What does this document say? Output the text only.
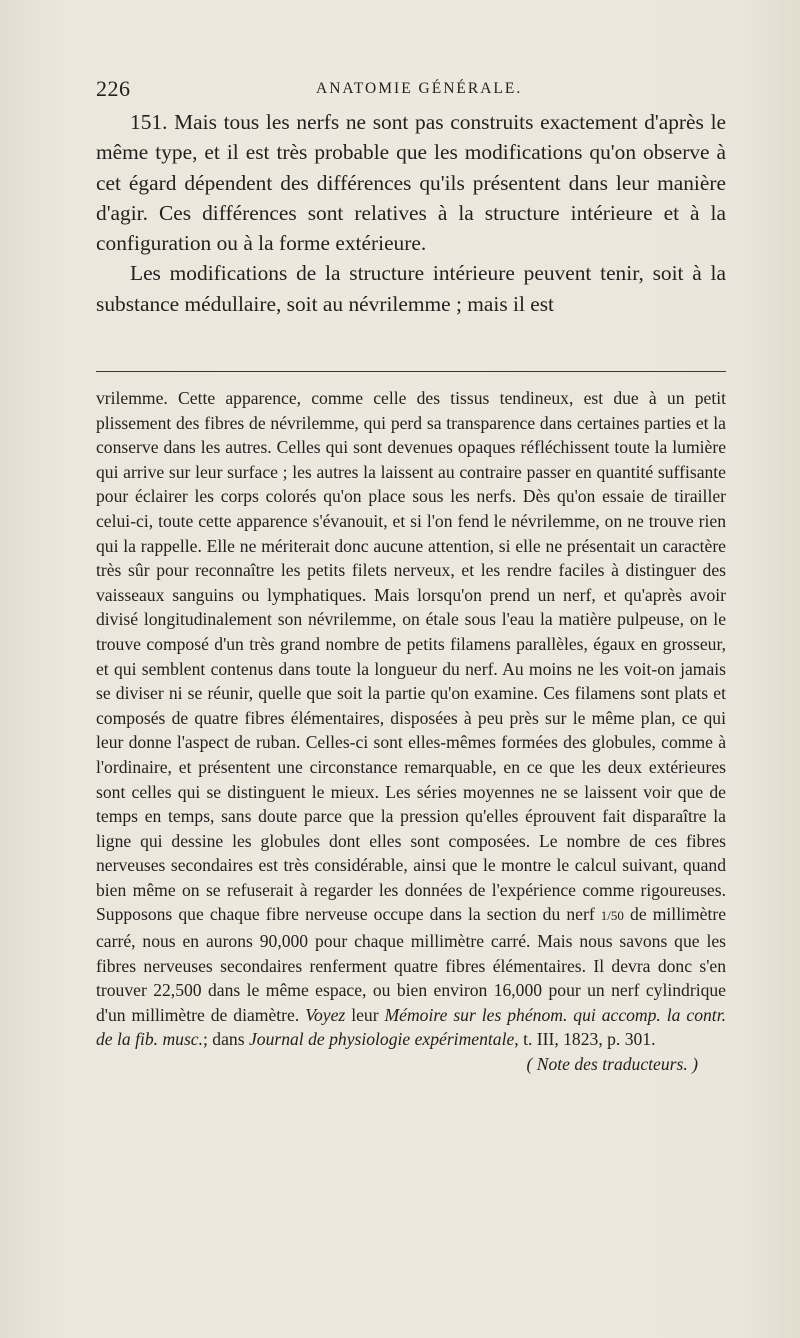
226	ANATOMIE GÉNÉRALE.

151. Mais tous les nerfs ne sont pas construits exactement d'après le même type, et il est très probable que les modifications qu'on observe à cet égard dépendent des différences qu'ils présentent dans leur manière d'agir. Ces différences sont relatives à la structure intérieure et à la configuration ou à la forme extérieure.

Les modifications de la structure intérieure peuvent tenir, soit à la substance médullaire, soit au névrilemme ; mais il est

vrilemme. Cette apparence, comme celle des tissus tendineux, est due à un petit plissement des fibres de névrilemme, qui perd sa transparence dans certaines parties et la conserve dans les autres. Celles qui sont devenues opaques réfléchissent toute la lumière qui arrive sur leur surface ; les autres la laissent au contraire passer en quantité suffisante pour éclairer les corps colorés qu'on place sous les nerfs. Dès qu'on essaie de tirailler celui-ci, toute cette apparence s'évanouit, et si l'on fend le névrilemme, on ne trouve rien qui la rappelle. Elle ne mériterait donc aucune attention, si elle ne présentait un caractère très sûr pour reconnaître les petits filets nerveux, et les rendre faciles à distinguer des vaisseaux sanguins ou lymphatiques. Mais lorsqu'on prend un nerf, et qu'après avoir divisé longitudinalement son névrilemme, on étale sous l'eau la matière pulpeuse, on le trouve composé d'un très grand nombre de petits filamens parallèles, égaux en grosseur, et qui semblent contenus dans toute la longueur du nerf. Au moins ne les voit-on jamais se diviser ni se réunir, quelle que soit la partie qu'on examine. Ces filamens sont plats et composés de quatre fibres élémentaires, disposées à peu près sur le même plan, ce qui leur donne l'aspect de ruban. Celles-ci sont elles-mêmes formées des globules, comme à l'ordinaire, et présentent une circonstance remarquable, en ce que les deux extérieures sont celles qui se distinguent le mieux. Les séries moyennes ne se laissent voir que de temps en temps, sans doute parce que la pression qu'elles éprouvent fait disparaître la ligne qui dessine les globules dont elles sont composées. Le nombre de ces fibres nerveuses secondaires est très considérable, ainsi que le montre le calcul suivant, quand bien même on se refuserait à regarder les données de l'expérience comme rigoureuses. Supposons que chaque fibre nerveuse occupe dans la section du nerf 1/50 de millimètre carré, nous en aurons 90,000 pour chaque millimètre carré. Mais nous savons que les fibres nerveuses secondaires renferment quatre fibres élémentaires. Il devra donc s'en trouver 22,500 dans le même espace, ou bien environ 16,000 pour un nerf cylindrique d'un millimètre de diamètre. Voyez leur Mémoire sur les phénom. qui accomp. la contr. de la fib. musc.; dans Journal de physiologie expérimentale, t. III, 1823, p. 301.
( Note des traducteurs. )
